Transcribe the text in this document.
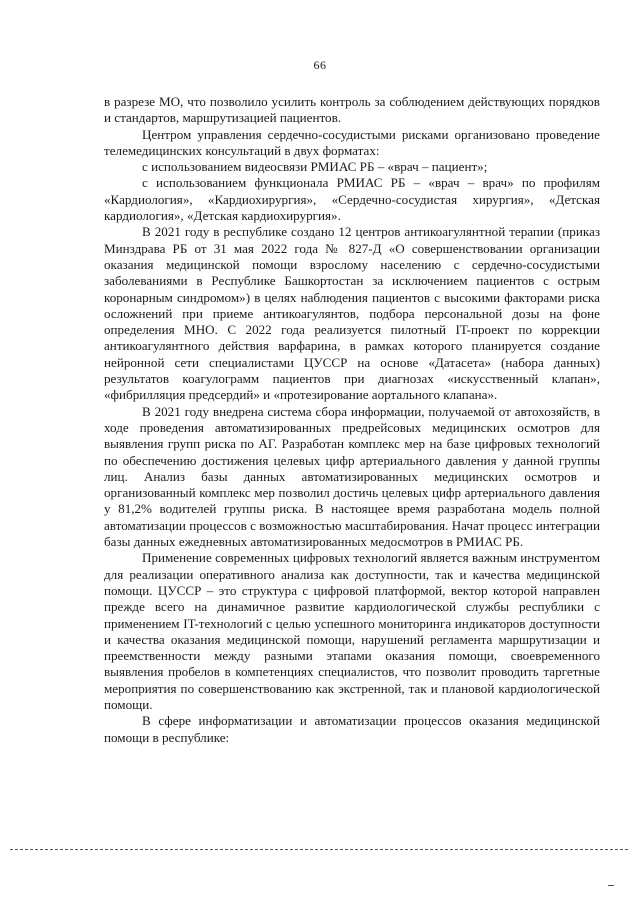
66

в разрезе МО, что позволило усилить контроль за соблюдением действующих порядков и стандартов, маршрутизацией пациентов.

Центром управления сердечно-сосудистыми рисками организовано проведение телемедицинских консультаций в двух форматах:

с использованием видеосвязи РМИАС РБ – «врач – пациент»;

с использованием функционала РМИАС РБ – «врач – врач» по профилям «Кардиология», «Кардиохирургия», «Сердечно-сосудистая хирургия», «Детская кардиология», «Детская кардиохирургия».

В 2021 году в республике создано 12 центров антикоагулянтной терапии (приказ Минздрава РБ от 31 мая 2022 года № 827-Д «О совершенствовании организации оказания медицинской помощи взрослому населению с сердечно-сосудистыми заболеваниями в Республике Башкортостан за исключением пациентов с острым коронарным синдромом») в целях наблюдения пациентов с высокими факторами риска осложнений при приеме антикоагулянтов, подбора персональной дозы на фоне определения МНО. С 2022 года реализуется пилотный IT-проект по коррекции антикоагулянтного действия варфарина, в рамках которого планируется создание нейронной сети специалистами ЦУССР на основе «Датасета» (набора данных) результатов коагулограмм пациентов при диагнозах «искусственный клапан», «фибрилляция предсердий» и «протезирование аортального клапана».

В 2021 году внедрена система сбора информации, получаемой от автохозяйств, в ходе проведения автоматизированных предрейсовых медицинских осмотров для выявления групп риска по АГ. Разработан комплекс мер на базе цифровых технологий по обеспечению достижения целевых цифр артериального давления у данной группы лиц. Анализ базы данных автоматизированных медицинских осмотров и организованный комплекс мер позволил достичь целевых цифр артериального давления у 81,2% водителей группы риска. В настоящее время разработана модель полной автоматизации процессов с возможностью масштабирования. Начат процесс интеграции базы данных ежедневных автоматизированных медосмотров в РМИАС РБ.

Применение современных цифровых технологий является важным инструментом для реализации оперативного анализа как доступности, так и качества медицинской помощи. ЦУССР – это структура с цифровой платформой, вектор которой направлен прежде всего на динамичное развитие кардиологической службы республики с применением IT-технологий с целью успешного мониторинга индикаторов доступности и качества оказания медицинской помощи, нарушений регламента маршрутизации и преемственности между разными этапами оказания помощи, своевременного выявления пробелов в компетенциях специалистов, что позволит проводить таргетные мероприятия по совершенствованию как экстренной, так и плановой кардиологической помощи.

В сфере информатизации и автоматизации процессов оказания медицинской помощи в республике:
